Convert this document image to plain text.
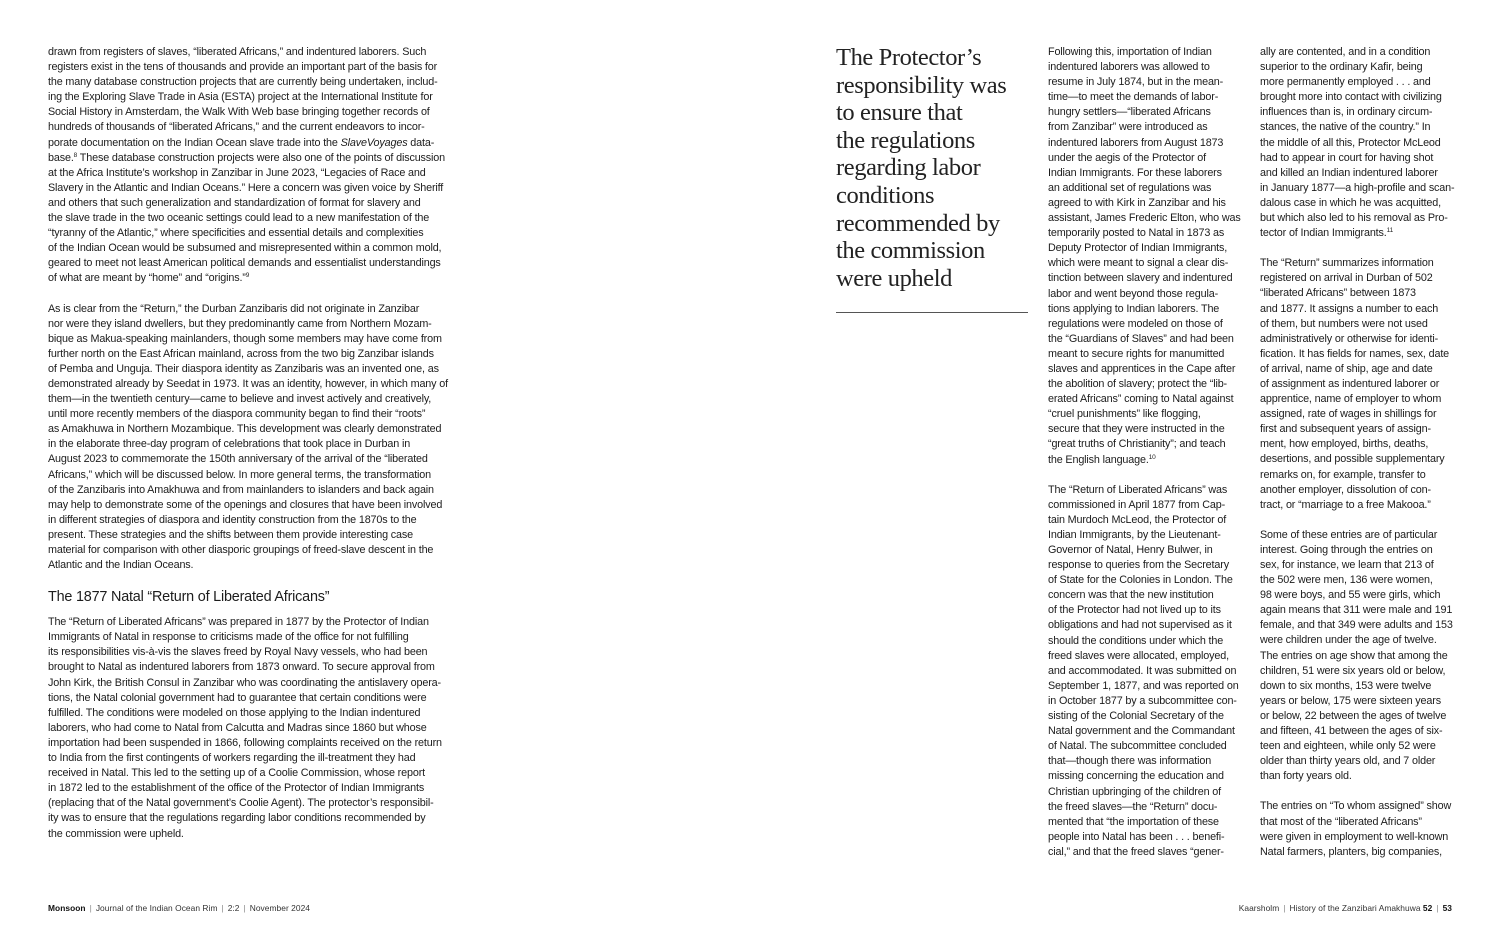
drawn from registers of slaves, “liberated Africans,” and indentured laborers. Such
registers exist in the tens of thousands and provide an important part of the basis for
the many database construction projects that are currently being undertaken, includ-
ing the Exploring Slave Trade in Asia (ESTA) project at the International Institute for
Social History in Amsterdam, the Walk With Web base bringing together records of
hundreds of thousands of “liberated Africans,” and the current endeavors to incor-
porate documentation on the Indian Ocean slave trade into the SlaveVoyages data-
base.$^8$ These database construction projects were also one of the points of discussion
at the Africa Institute’s workshop in Zanzibar in June 2023, “Legacies of Race and
Slavery in the Atlantic and Indian Oceans.” Here a concern was given voice by Sheriff
and others that such generalization and standardization of format for slavery and
the slave trade in the two oceanic settings could lead to a new manifestation of the
“tyranny of the Atlantic,” where specificities and essential details and complexities
of the Indian Ocean would be subsumed and misrepresented within a common mold,
geared to meet not least American political demands and essentialist understandings
of what are meant by “home” and “origins.”$^9$
As is clear from the “Return,” the Durban Zanzibaris did not originate in Zanzibar
nor were they island dwellers, but they predominantly came from Northern Mozam-
bique as Makua-speaking mainlanders, though some members may have come from
further north on the East African mainland, across from the two big Zanzibar islands
of Pemba and Unguja. Their diaspora identity as Zanzibaris was an invented one, as
demonstrated already by Seedat in 1973. It was an identity, however, in which many of
them—in the twentieth century—came to believe and invest actively and creatively,
until more recently members of the diaspora community began to find their “roots”
as Amakhuwa in Northern Mozambique. This development was clearly demonstrated
in the elaborate three-day program of celebrations that took place in Durban in
August 2023 to commemorate the 150th anniversary of the arrival of the “liberated
Africans,” which will be discussed below. In more general terms, the transformation
of the Zanzibaris into Amakhuwa and from mainlanders to islanders and back again
may help to demonstrate some of the openings and closures that have been involved
in different strategies of diaspora and identity construction from the 1870s to the
present. These strategies and the shifts between them provide interesting case
material for comparison with other diasporic groupings of freed-slave descent in the
Atlantic and the Indian Oceans.
The 1877 Natal “Return of Liberated Africans”
The “Return of Liberated Africans” was prepared in 1877 by the Protector of Indian
Immigrants of Natal in response to criticisms made of the office for not fulfilling
its responsibilities vis-à-vis the slaves freed by Royal Navy vessels, who had been
brought to Natal as indentured laborers from 1873 onward. To secure approval from
John Kirk, the British Consul in Zanzibar who was coordinating the antislavery opera-
tions, the Natal colonial government had to guarantee that certain conditions were
fulfilled. The conditions were modeled on those applying to the Indian indentured
laborers, who had come to Natal from Calcutta and Madras since 1860 but whose
importation had been suspended in 1866, following complaints received on the return
to India from the first contingents of workers regarding the ill-treatment they had
received in Natal. This led to the setting up of a Coolie Commission, whose report
in 1872 led to the establishment of the office of the Protector of Indian Immigrants
(replacing that of the Natal government’s Coolie Agent). The protector’s responsibil-
ity was to ensure that the regulations regarding labor conditions recommended by
the commission were upheld.
Monsoon | Journal of the Indian Ocean Rim | 2:2 | November 2024
The Protector’s
responsibility was
to ensure that
the regulations
regarding labor
conditions
recommended by
the commission
were upheld
Following this, importation of Indian
indentured laborers was allowed to
resume in July 1874, but in the mean-
time—to meet the demands of labor-
hungry settlers—“liberated Africans
from Zanzibar” were introduced as
indentured laborers from August 1873
under the aegis of the Protector of
Indian Immigrants. For these laborers
an additional set of regulations was
agreed to with Kirk in Zanzibar and his
assistant, James Frederic Elton, who was
temporarily posted to Natal in 1873 as
Deputy Protector of Indian Immigrants,
which were meant to signal a clear dis-
tinction between slavery and indentured
labor and went beyond those regula-
tions applying to Indian laborers. The
regulations were modeled on those of
the “Guardians of Slaves” and had been
meant to secure rights for manumitted
slaves and apprentices in the Cape after
the abolition of slavery; protect the “lib-
erated Africans” coming to Natal against
“cruel punishments” like flogging,
secure that they were instructed in the
“great truths of Christianity”; and teach
the English language.$^{10}$
The “Return of Liberated Africans” was
commissioned in April 1877 from Cap-
tain Murdoch McLeod, the Protector of
Indian Immigrants, by the Lieutenant-
Governor of Natal, Henry Bulwer, in
response to queries from the Secretary
of State for the Colonies in London. The
concern was that the new institution
of the Protector had not lived up to its
obligations and had not supervised as it
should the conditions under which the
freed slaves were allocated, employed,
and accommodated. It was submitted on
September 1, 1877, and was reported on
in October 1877 by a subcommittee con-
sisting of the Colonial Secretary of the
Natal government and the Commandant
of Natal. The subcommittee concluded
that—though there was information
missing concerning the education and
Christian upbringing of the children of
the freed slaves—the “Return” docu-
mented that “the importation of these
people into Natal has been . . . benefi-
cial,” and that the freed slaves “gener-
ally are contented, and in a condition
superior to the ordinary Kafir, being
more permanently employed . . . and
brought more into contact with civilizing
influences than is, in ordinary circum-
stances, the native of the country.” In
the middle of all this, Protector McLeod
had to appear in court for having shot
and killed an Indian indentured laborer
in January 1877—a high-profile and scan-
dalous case in which he was acquitted,
but which also led to his removal as Pro-
tector of Indian Immigrants.$^{11}$
The “Return” summarizes information
registered on arrival in Durban of 502
“liberated Africans” between 1873
and 1877. It assigns a number to each
of them, but numbers were not used
administratively or otherwise for identi-
fication. It has fields for names, sex, date
of arrival, name of ship, age and date
of assignment as indentured laborer or
apprentice, name of employer to whom
assigned, rate of wages in shillings for
first and subsequent years of assign-
ment, how employed, births, deaths,
desertions, and possible supplementary
remarks on, for example, transfer to
another employer, dissolution of con-
tract, or “marriage to a free Makooa.”
Some of these entries are of particular
interest. Going through the entries on
sex, for instance, we learn that 213 of
the 502 were men, 136 were women,
98 were boys, and 55 were girls, which
again means that 311 were male and 191
female, and that 349 were adults and 153
were children under the age of twelve.
The entries on age show that among the
children, 51 were six years old or below,
down to six months, 153 were twelve
years or below, 175 were sixteen years
or below, 22 between the ages of twelve
and fifteen, 41 between the ages of six-
teen and eighteen, while only 52 were
older than thirty years old, and 7 older
than forty years old.
The entries on “To whom assigned” show
that most of the “liberated Africans”
were given in employment to well-known
Natal farmers, planters, big companies,
Kaarsholm | History of the Zanzibari Amakhuwa 52 | 53
